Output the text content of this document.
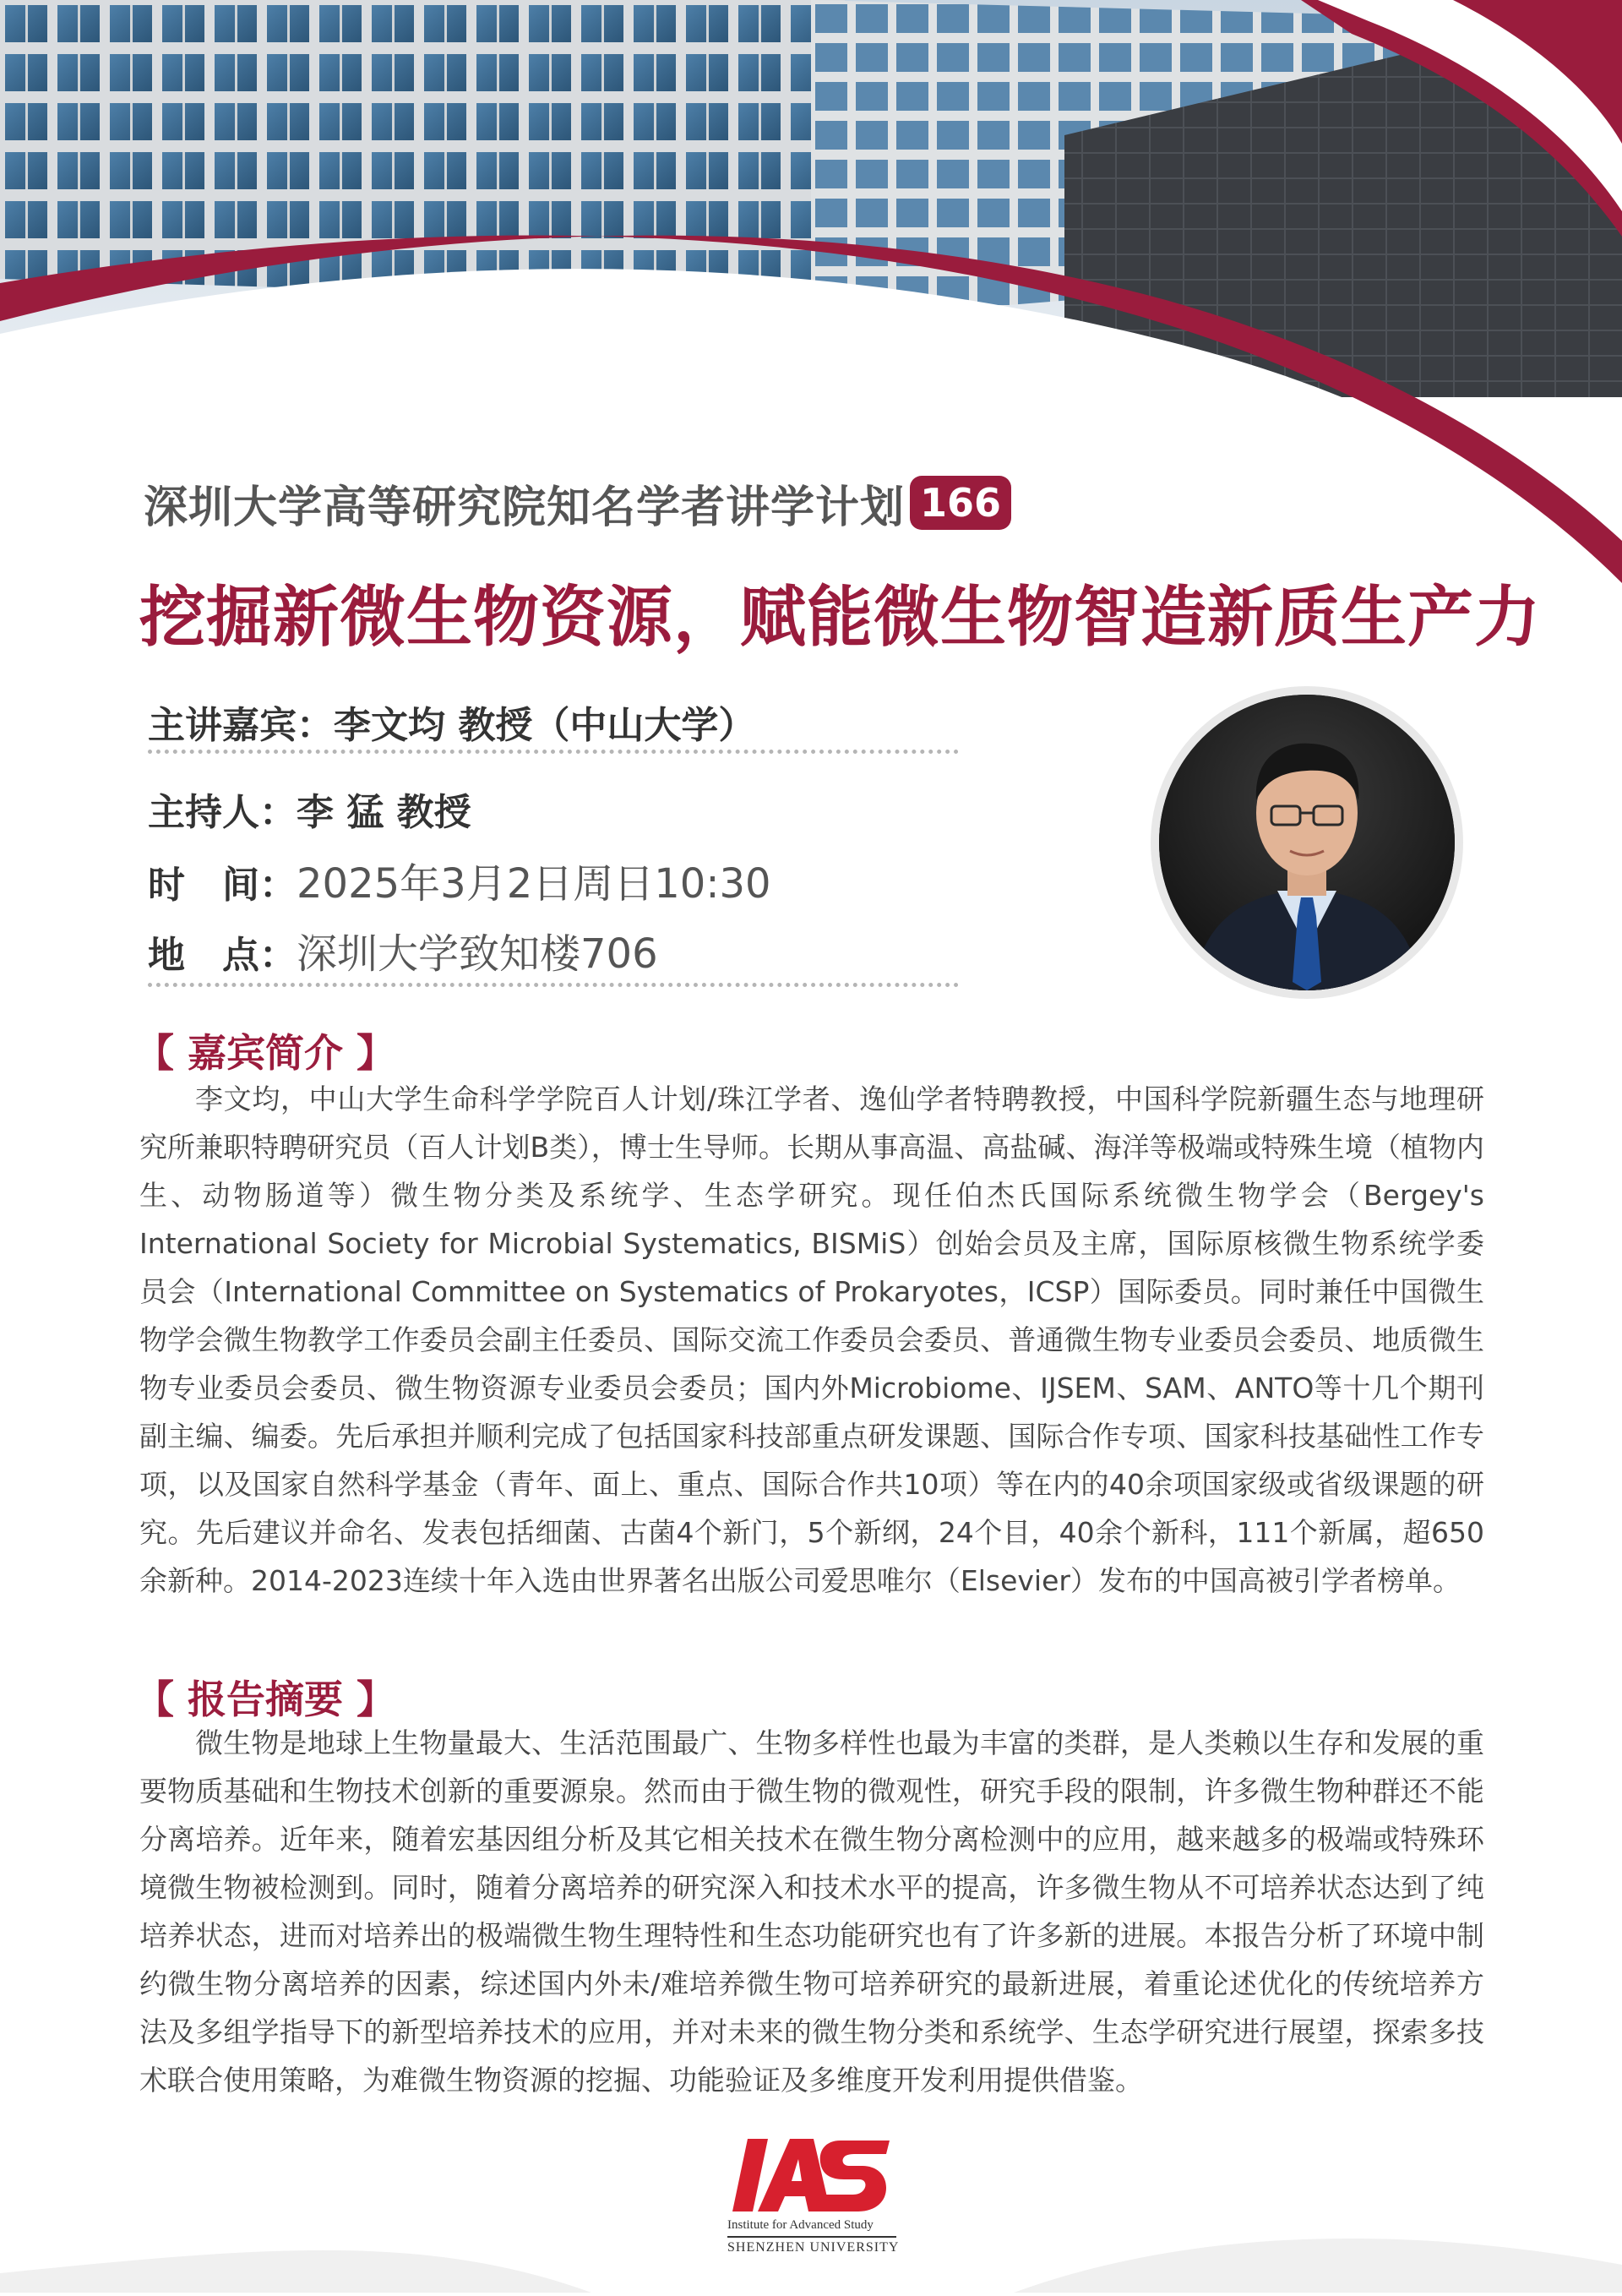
深圳大学高等研究院知名学者讲学计划 166
挖掘新微生物资源，赋能微生物智造新质生产力
主讲嘉宾：李文均 教授（中山大学）
主持人：李 猛 教授
时　间：2025年3月2日周日10:30
地　点：深圳大学致知楼706
【 嘉宾简介 】

李文均，中山大学生命科学学院百人计划/珠江学者、逸仙学者特聘教授，中国科学院新疆生态与地理研究所兼职特聘研究员（百人计划B类），博士生导师。长期从事高温、高盐碱、海洋等极端或特殊生境（植物内生、动物肠道等）微生物分类及系统学、生态学研究。现任伯杰氏国际系统微生物学会（Bergey's International Society for Microbial Systematics, BISMiS）创始会员及主席，国际原核微生物系统学委员会（International Committee on Systematics of Prokaryotes，ICSP）国际委员。同时兼任中国微生物学会微生物教学工作委员会副主任委员、国际交流工作委员会委员、普通微生物专业委员会委员、地质微生物专业委员会委员、微生物资源专业委员会委员；国内外Microbiome、IJSEM、SAM、ANTO等十几个期刊副主编、编委。先后承担并顺利完成了包括国家科技部重点研发课题、国际合作专项、国家科技基础性工作专项，以及国家自然科学基金（青年、面上、重点、国际合作共10项）等在内的40余项国家级或省级课题的研究。先后建议并命名、发表包括细菌、古菌4个新门，5个新纲，24个目，40余个新科，111个新属，超650余新种。2014-2023连续十年入选由世界著名出版公司爱思唯尔（Elsevier）发布的中国高被引学者榜单。

【 报告摘要 】

微生物是地球上生物量最大、生活范围最广、生物多样性也最为丰富的类群，是人类赖以生存和发展的重要物质基础和生物技术创新的重要源泉。然而由于微生物的微观性，研究手段的限制，许多微生物种群还不能分离培养。近年来，随着宏基因组分析及其它相关技术在微生物分离检测中的应用，越来越多的极端或特殊环境微生物被检测到。同时，随着分离培养的研究深入和技术水平的提高，许多微生物从不可培养状态达到了纯培养状态，进而对培养出的极端微生物生理特性和生态功能研究也有了许多新的进展。本报告分析了环境中制约微生物分离培养的因素，综述国内外未/难培养微生物可培养研究的最新进展，着重论述优化的传统培养方法及多组学指导下的新型培养技术的应用，并对未来的微生物分类和系统学、生态学研究进行展望，探索多技术联合使用策略，为难微生物资源的挖掘、功能验证及多维度开发利用提供借鉴。

Institute for Advanced Study
SHENZHEN UNIVERSITY
